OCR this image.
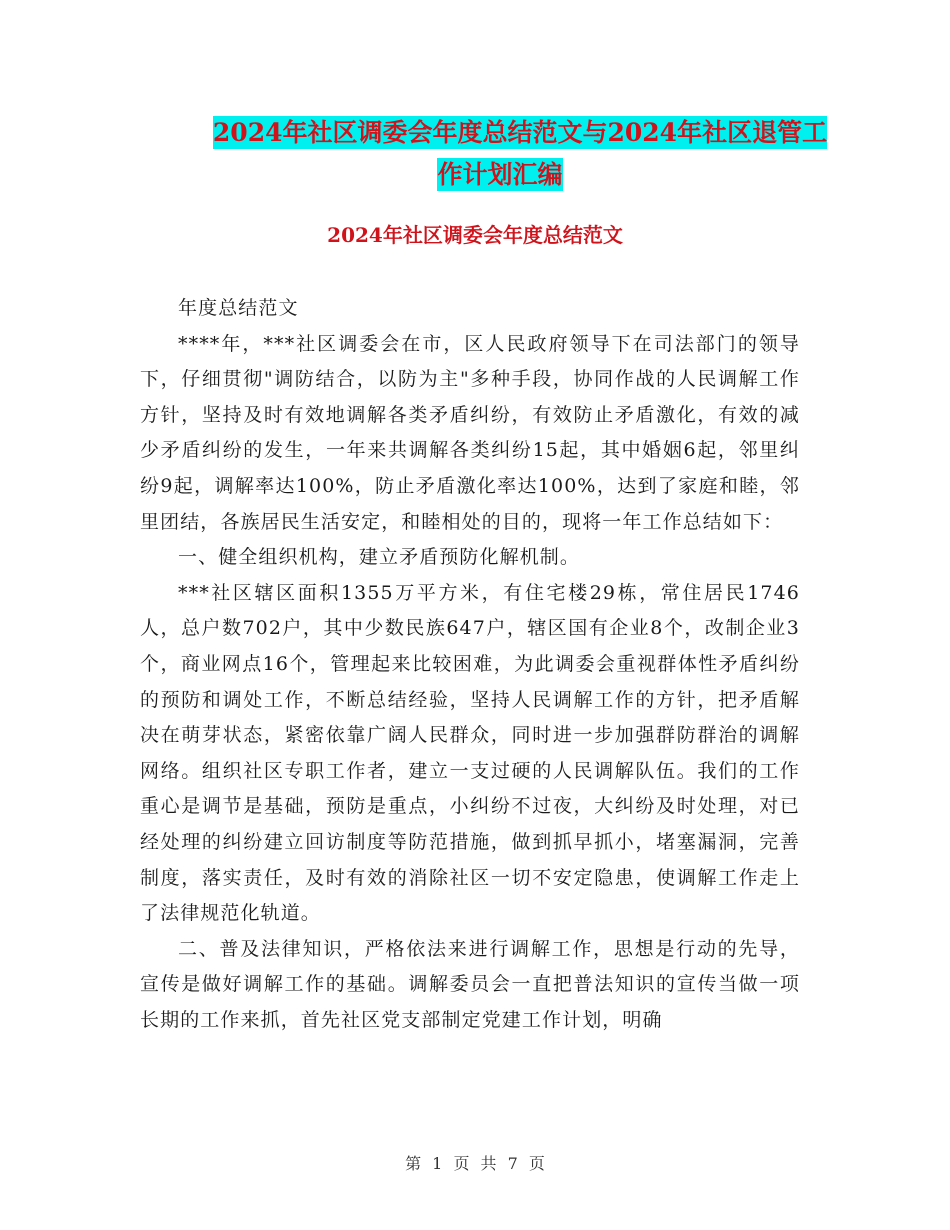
2024年社区调委会年度总结范文与2024年社区退管工
作计划汇编
2024年社区调委会年度总结范文

年度总结范文

****年，***社区调委会在市，区人民政府领导下在司法部门的领导下，仔细贯彻"调防结合，以防为主"多种手段，协同作战的人民调解工作方针，坚持及时有效地调解各类矛盾纠纷，有效防止矛盾激化，有效的减少矛盾纠纷的发生，一年来共调解各类纠纷15起，其中婚姻6起，邻里纠纷9起，调解率达100%，防止矛盾激化率达100%，达到了家庭和睦，邻里团结，各族居民生活安定，和睦相处的目的，现将一年工作总结如下：

一、健全组织机构，建立矛盾预防化解机制。

***社区辖区面积1355万平方米，有住宅楼29栋，常住居民1746人，总户数702户，其中少数民族647户，辖区国有企业8个，改制企业3个，商业网点16个，管理起来比较困难，为此调委会重视群体性矛盾纠纷的预防和调处工作，不断总结经验，坚持人民调解工作的方针，把矛盾解决在萌芽状态，紧密依靠广阔人民群众，同时进一步加强群防群治的调解网络。组织社区专职工作者，建立一支过硬的人民调解队伍。我们的工作重心是调节是基础，预防是重点，小纠纷不过夜，大纠纷及时处理，对已经处理的纠纷建立回访制度等防范措施，做到抓早抓小，堵塞漏洞，完善制度，落实责任，及时有效的消除社区一切不安定隐患，使调解工作走上了法律规范化轨道。

二、普及法律知识，严格依法来进行调解工作，思想是行动的先导，宣传是做好调解工作的基础。调解委员会一直把普法知识的宣传当做一项长期的工作来抓，首先社区党支部制定党建工作计划，明确

第 1 页 共 7 页
